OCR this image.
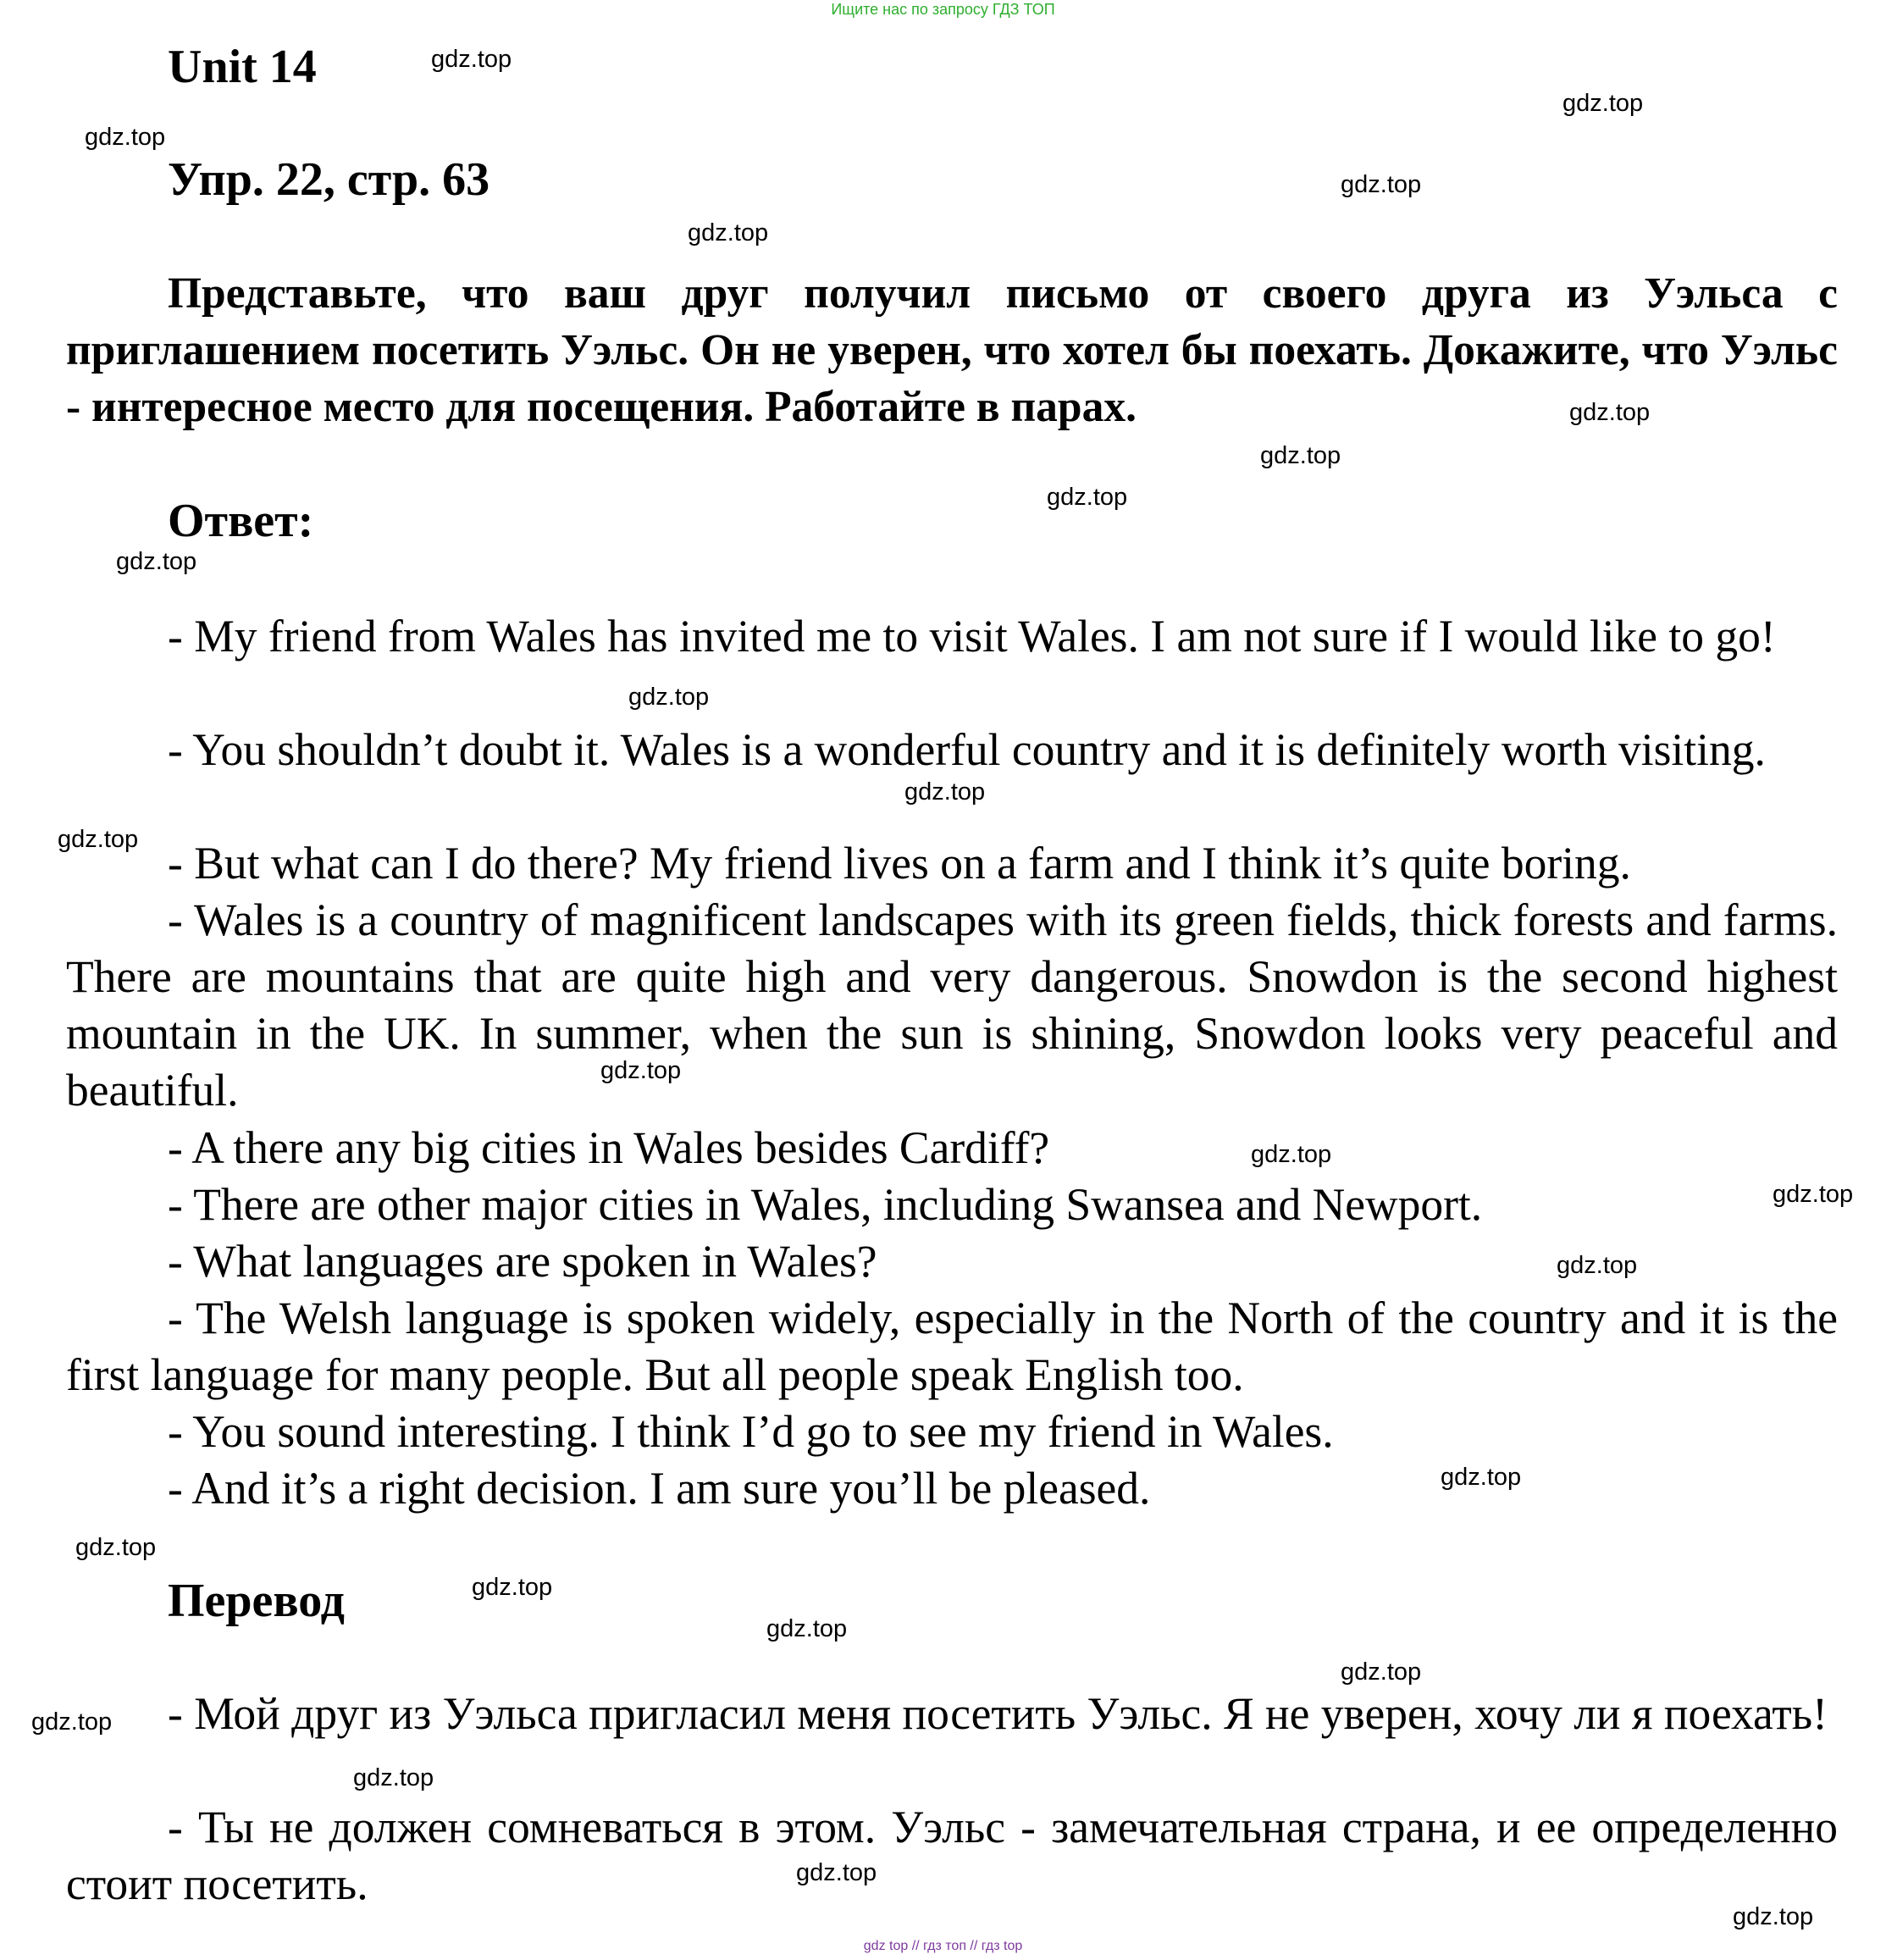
Ищите нас по запросу ГДЗ ТОП
Unit 14
Упр. 22, стр. 63

Представьте, что ваш друг получил письмо от своего друга из Уэльса с приглашением посетить Уэльс. Он не уверен, что хотел бы поехать. Докажите, что Уэльс - интересное место для посещения. Работайте в парах.

Ответ:

- My friend from Wales has invited me to visit Wales. I am not sure if I would like to go!

- You shouldn’t doubt it. Wales is a wonderful country and it is definitely worth visiting.

- But what can I do there? My friend lives on a farm and I think it’s quite boring.

- Wales is a country of magnificent landscapes with its green fields, thick forests and farms. There are mountains that are quite high and very dangerous. Snowdon is the second highest mountain in the UK. In summer, when the sun is shining, Snowdon looks very peaceful and beautiful.

- A there any big cities in Wales besides Cardiff?

- There are other major cities in Wales, including Swansea and Newport.

- What languages are spoken in Wales?

- The Welsh language is spoken widely, especially in the North of the country and it is the first language for many people. But all people speak English too.

- You sound interesting. I think I’d go to see my friend in Wales.

- And it’s a right decision. I am sure you’ll be pleased.

Перевод

- Мой друг из Уэльса пригласил меня посетить Уэльс. Я не уверен, хочу ли я поехать!

- Ты не должен сомневаться в этом. Уэльс - замечательная страна, и ее определенно стоит посетить.

gdz.top
gdz.top
gdz.top
gdz.top
gdz.top
gdz.top
gdz.top
gdz.top
gdz.top
gdz.top
gdz.top
gdz.top
gdz.top
gdz.top
gdz.top
gdz.top
gdz.top
gdz.top
gdz.top
gdz.top
gdz.top
gdz.top
gdz.top
gdz.top
gdz.top
gdz top // гдз топ // гдз top
